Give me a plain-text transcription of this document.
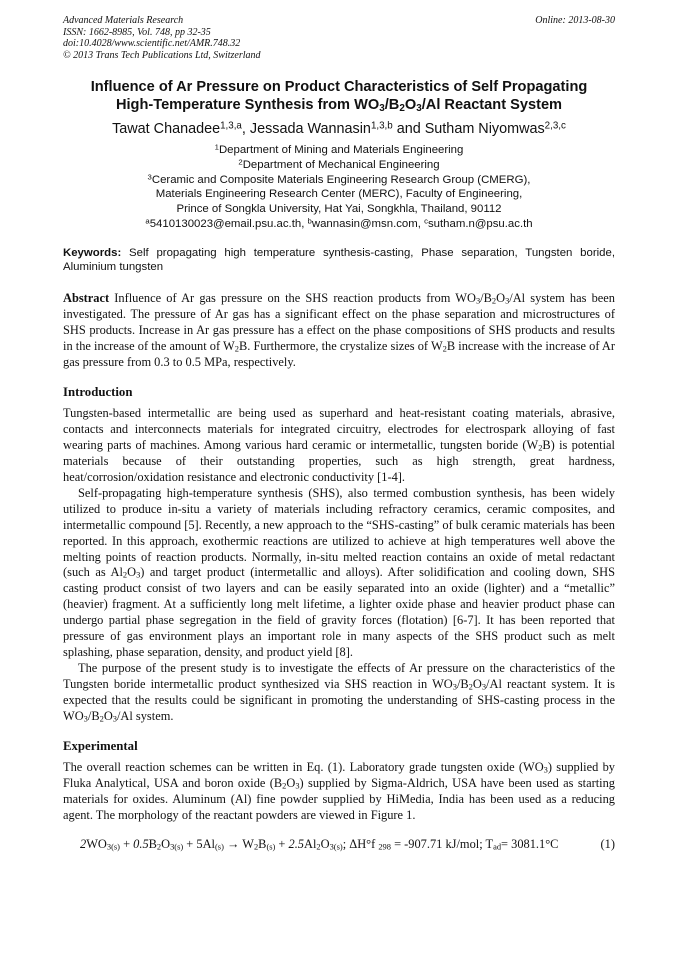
Advanced Materials Research	Online: 2013-08-30
ISSN: 1662-8985, Vol. 748, pp 32-35
doi:10.4028/www.scientific.net/AMR.748.32
© 2013 Trans Tech Publications Ltd, Switzerland
Influence of Ar Pressure on Product Characteristics of Self Propagating
High-Temperature Synthesis from $WO_3/B_2O_3/Al$ Reactant System
Tawat Chanadee$^{1,3,a}$, Jessada Wannasin$^{1,3,b}$ and Sutham Niyomwas$^{2,3,c}$
$^1$Department of Mining and Materials Engineering
$^2$Department of Mechanical Engineering
$^3$Ceramic and Composite Materials Engineering Research Group (CMERG),
Materials Engineering Research Center (MERC), Faculty of Engineering,
Prince of Songkla University, Hat Yai, Songkhla, Thailand, 90112
$^a$5410130023@email.psu.ac.th, $^b$wannasin@msn.com, $^c$sutham.n@psu.ac.th
Keywords: Self propagating high temperature synthesis-casting, Phase separation, Tungsten boride, Aluminium tungsten
Abstract Influence of Ar gas pressure on the SHS reaction products from $WO_3/B_2O_3/Al$ system has been investigated. The pressure of Ar gas has a significant effect on the phase separation and microstructures of SHS products. Increase in Ar gas pressure has a effect on the phase compositions of SHS products and results in the increase of the amount of $W_2B$. Furthermore, the crystalize sizes of $W_2B$ increase with the increase of Ar gas pressure from 0.3 to 0.5 MPa, respectively.
Introduction

Tungsten-based intermetallic are being used as superhard and heat-resistant coating materials, abrasive, contacts and interconnects materials for integrated circuitry, electrodes for electrospark alloying of fast wearing parts of machines. Among various hard ceramic or intermetallic, tungsten boride $(W_2B)$ is potential materials because of their outstanding properties, such as high strength, great hardness, heat/corrosion/oxidation resistance and electronic conductivity [1-4].

Self-propagating high-temperature synthesis (SHS), also termed combustion synthesis, has been widely utilized to produce in-situ a variety of materials including refractory ceramics, ceramic composites, and intermetallic compound [5]. Recently, a new approach to the “SHS-casting” of bulk ceramic materials has been reported. In this approach, exothermic reactions are utilized to achieve at high temperatures well above the melting points of reaction products. Normally, in-situ melted reaction contains an oxide of metal redactant (such as $Al_2O_3$) and target product (intermetallic and alloys). After solidification and cooling down, SHS casting product consist of two layers and can be easily separated into an oxide (lighter) and a “metallic” (heavier) fragment. At a sufficiently long melt lifetime, a lighter oxide phase and heavier product phase can undergo partial phase segregation in the field of gravity forces (flotation) [6-7]. It has been reported that pressure of gas environment plays an important role in many aspects of the SHS product such as melt splashing, phase separation, density, and product yield [8].

The purpose of the present study is to investigate the effects of Ar pressure on the characteristics of the Tungsten boride intermetallic product synthesized via SHS reaction in $WO_3/B_2O_3/Al$ reactant system. It is expected that the results could be significant in promoting the understanding of SHS-casting process in the $WO_3/B_2O_3/Al$ system.

Experimental

The overall reaction schemes can be written in Eq. (1). Laboratory grade tungsten oxide $(WO_3)$ supplied by Fluka Analytical, USA and boron oxide $(B_2O_3)$ supplied by Sigma-Aldrich, USA have been used as starting materials for oxides. Aluminum (Al) fine powder supplied by HiMedia, India has been used as a reducing agent. The morphology of the reactant powders are viewed in Figure 1.

$2WO_{3(s)} + 0.5B_2O_{3(s)} + 5Al_{(s)} \to W_2B_{(s)} + 2.5Al_2O_{3(s)}$; ΔH°f $_{298}$ = -907.71 kJ/mol; $T_{ad}= 3081.1^\circ C$	(1)
